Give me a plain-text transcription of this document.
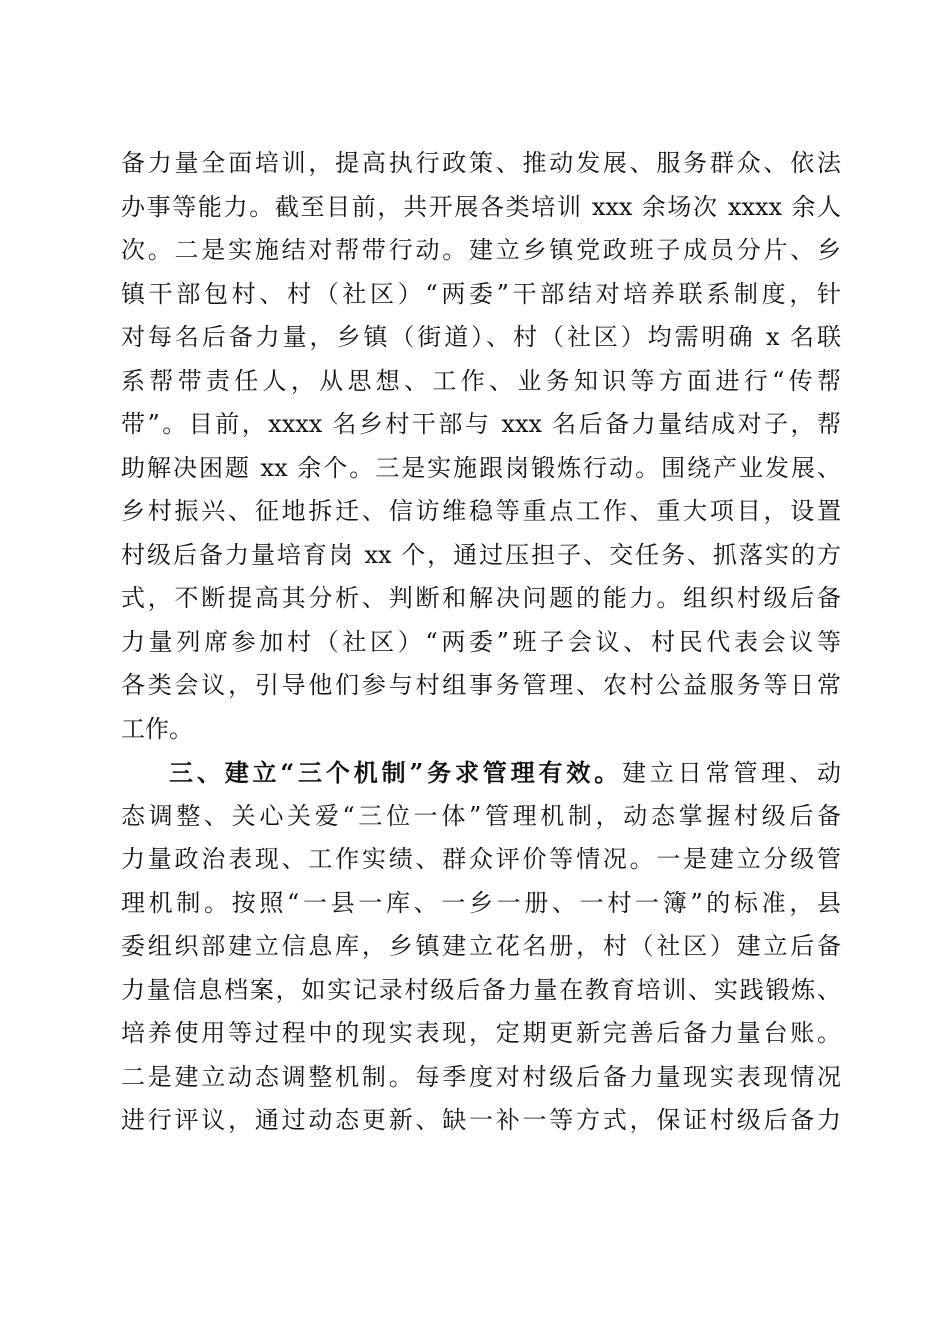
备力量全面培训，提高执行政策、推动发展、服务群众、依法
办事等能力。截至目前，共开展各类培训 xxx 余场次 xxxx 余人
次。二是实施结对帮带行动。建立乡镇党政班子成员分片、乡
镇干部包村、村（社区）“两委”干部结对培养联系制度，针
对每名后备力量，乡镇（街道）、村（社区）均需明确 x 名联
系帮带责任人，从思想、工作、业务知识等方面进行“传帮
带”。目前，xxxx 名乡村干部与 xxx 名后备力量结成对子，帮
助解决困题 xx 余个。三是实施跟岗锻炼行动。围绕产业发展、
乡村振兴、征地拆迁、信访维稳等重点工作、重大项目，设置
村级后备力量培育岗 xx 个，通过压担子、交任务、抓落实的方
式，不断提高其分析、判断和解决问题的能力。组织村级后备
力量列席参加村（社区）“两委”班子会议、村民代表会议等
各类会议，引导他们参与村组事务管理、农村公益服务等日常
工作。
三、建立“三个机制”务求管理有效。建立日常管理、动
态调整、关心关爱“三位一体”管理机制，动态掌握村级后备
力量政治表现、工作实绩、群众评价等情况。一是建立分级管
理机制。按照“一县一库、一乡一册、一村一簿”的标准，县
委组织部建立信息库，乡镇建立花名册，村（社区）建立后备
力量信息档案，如实记录村级后备力量在教育培训、实践锻炼、
培养使用等过程中的现实表现，定期更新完善后备力量台账。
二是建立动态调整机制。每季度对村级后备力量现实表现情况
进行评议，通过动态更新、缺一补一等方式，保证村级后备力
